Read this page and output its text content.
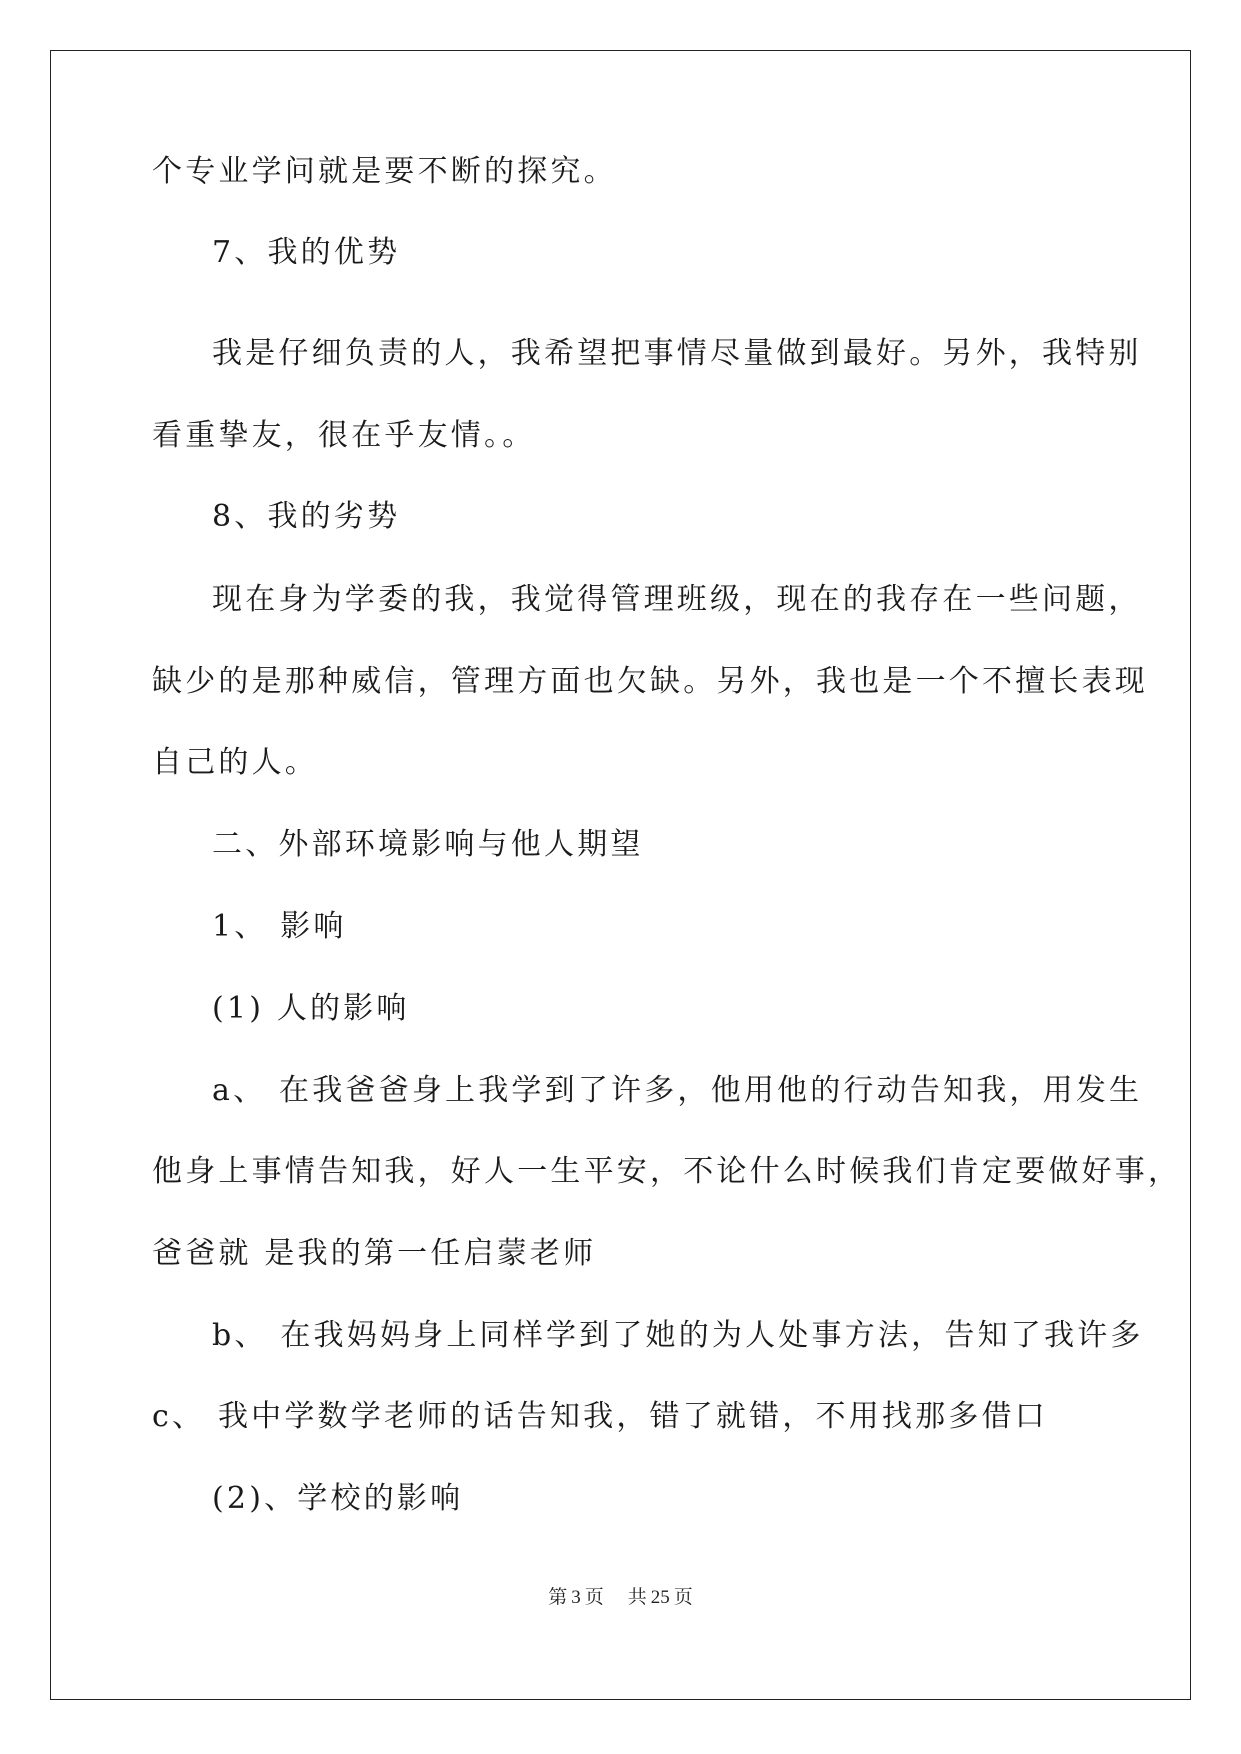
个专业学问就是要不断的探究。
7、我的优势
我是仔细负责的人，我希望把事情尽量做到最好。另外，我特别
看重挚友，很在乎友情。。
8、我的劣势
现在身为学委的我，我觉得管理班级，现在的我存在一些问题，
缺少的是那种威信，管理方面也欠缺。另外，我也是一个不擅长表现
自己的人。
二、外部环境影响与他人期望
1、 影响
(1) 人的影响
a、 在我爸爸身上我学到了许多，他用他的行动告知我，用发生
他身上事情告知我，好人一生平安，不论什么时候我们肯定要做好事，
爸爸就 是我的第一任启蒙老师
b、 在我妈妈身上同样学到了她的为人处事方法，告知了我许多
c、 我中学数学老师的话告知我，错了就错，不用找那多借口
(2)、学校的影响
第 3 页 共 25 页
